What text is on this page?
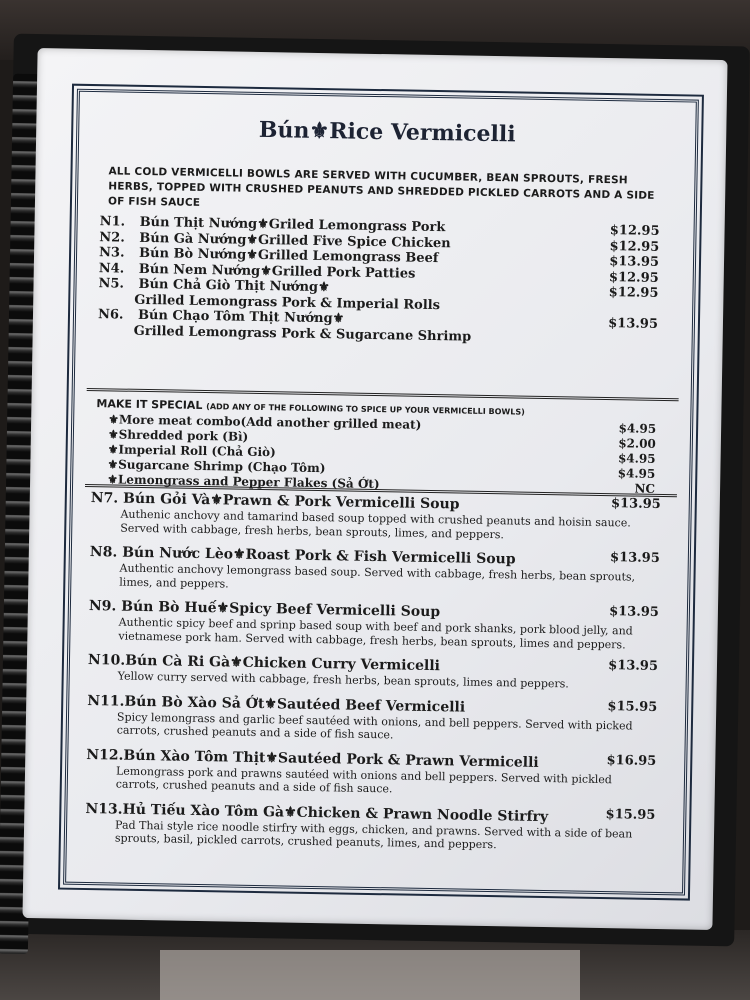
Bún⚜Rice Vermicelli
ALL COLD VERMICELLI BOWLS ARE SERVED WITH CUCUMBER, BEAN SPROUTS, FRESH HERBS, TOPPED WITH CRUSHED PEANUTS AND SHREDDED PICKLED CARROTS AND A SIDE OF FISH SAUCE
N1.	Bún Thịt Nướng⚜Griled Lemongrass Pork	$12.95
N2.	Bún Gà Nướng⚜Grilled Five Spice Chicken	$12.95
N3.	Bún Bò Nướng⚜Grilled Lemongrass Beef	$13.95
N4.	Bún Nem Nướng⚜Grilled Pork Patties	$12.95
N5.	Bún Chả Giò Thịt Nướng⚜	$12.95
Grilled Lemongrass Pork & Imperial Rolls
N6.	Bún Chạo Tôm Thịt Nướng⚜	$13.95
Grilled Lemongrass Pork & Sugarcane Shrimp
MAKE IT SPECIAL (ADD ANY OF THE FOLLOWING TO SPICE UP YOUR VERMICELLI BOWLS)
⚜More meat combo(Add another grilled meat)	$4.95
⚜Shredded pork (Bì)	$2.00
⚜Imperial Roll (Chả Giò)	$4.95
⚜Sugarcane Shrimp (Chạo Tôm)	$4.95
⚜Lemongrass and Pepper Flakes (Sả Ớt)	NC
N7. Bún Gỏi Và⚜Prawn & Pork Vermicelli Soup	$13.95
Authenic anchovy and tamarind based soup topped with crushed peanuts and hoisin sauce. Served with cabbage, fresh herbs, bean sprouts, limes, and peppers.
N8. Bún Nước Lèo⚜Roast Pork & Fish Vermicelli Soup	$13.95
Authentic anchovy lemongrass based soup. Served with cabbage, fresh herbs, bean sprouts, limes, and peppers.
N9. Bún Bò Huế⚜Spicy Beef Vermicelli Soup	$13.95
Authentic spicy beef and sprinp based soup with beef and pork shanks, pork blood jelly, and vietnamese pork ham. Served with cabbage, fresh herbs, bean sprouts, limes and peppers.
N10.Bún Cà Ri Gà⚜Chicken Curry Vermicelli	$13.95
Yellow curry served with cabbage, fresh herbs, bean sprouts, limes and peppers.
N11.Bún Bò Xào Sả Ớt⚜Sautéed Beef Vermicelli	$15.95
Spicy lemongrass and garlic beef sautéed with onions, and bell peppers. Served with picked carrots, crushed peanuts and a side of fish sauce.
N12.Bún Xào Tôm Thịt⚜Sautéed Pork & Prawn Vermicelli	$16.95
Lemongrass pork and prawns sautéed with onions and bell peppers. Served with pickled carrots, crushed peanuts and a side of fish sauce.
N13.Hủ Tiếu Xào Tôm Gà⚜Chicken & Prawn Noodle Stirfry	$15.95
Pad Thai style rice noodle stirfry with eggs, chicken, and prawns. Served with a side of bean sprouts, basil, pickled carrots, crushed peanuts, limes, and peppers.
